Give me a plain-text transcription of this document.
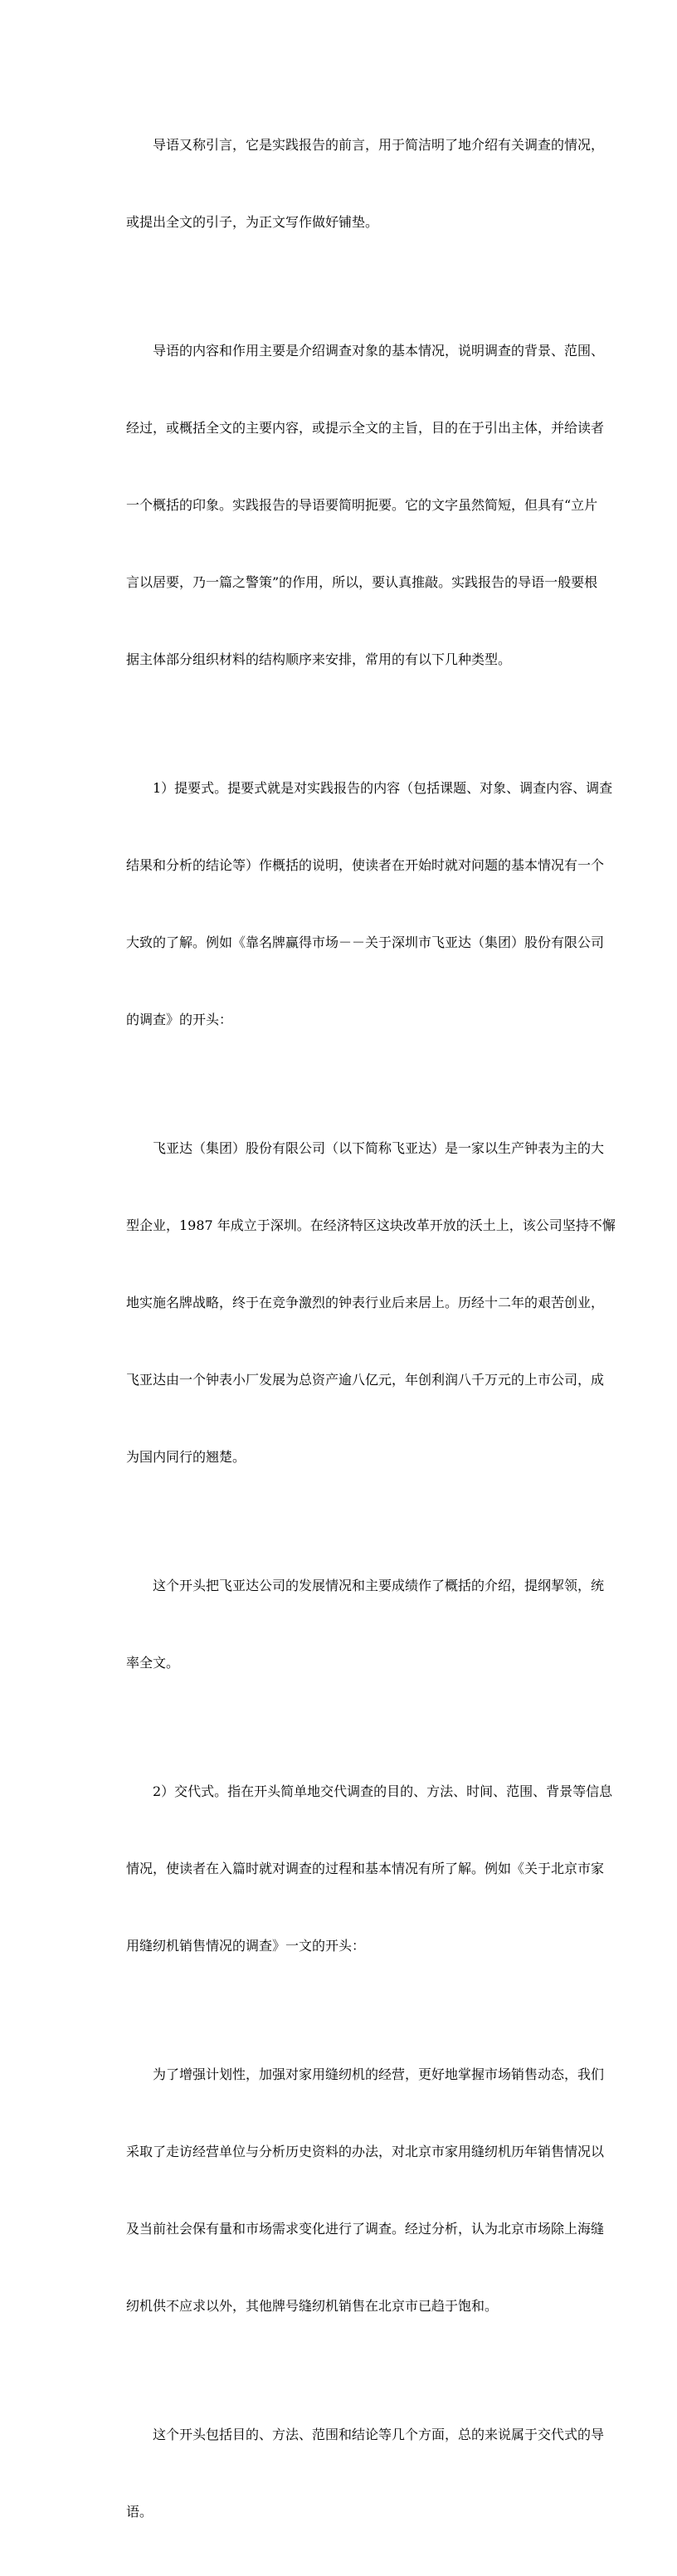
导语又称引言，它是实践报告的前言，用于简洁明了地介绍有关调查的情况，

或提出全文的引子，为正文写作做好铺垫。

导语的内容和作用主要是介绍调查对象的基本情况，说明调查的背景、范围、

经过，或概括全文的主要内容，或提示全文的主旨，目的在于引出主体，并给读者

一个概括的印象。实践报告的导语要简明扼要。它的文字虽然简短，但具有“立片

言以居要，乃一篇之警策”的作用，所以，要认真推敲。实践报告的导语一般要根

据主体部分组织材料的结构顺序来安排，常用的有以下几种类型。

1）提要式。提要式就是对实践报告的内容（包括课题、对象、调查内容、调查

结果和分析的结论等）作概括的说明，使读者在开始时就对问题的基本情况有一个

大致的了解。例如《靠名牌赢得市场－－关于深圳市飞亚达（集团）股份有限公司

的调查》的开头：

飞亚达（集团）股份有限公司（以下简称飞亚达）是一家以生产钟表为主的大

型企业，1987 年成立于深圳。在经济特区这块改革开放的沃土上，该公司坚持不懈

地实施名牌战略，终于在竞争激烈的钟表行业后来居上。历经十二年的艰苦创业，

飞亚达由一个钟表小厂发展为总资产逾八亿元，年创利润八千万元的上市公司，成

为国内同行的翘楚。

这个开头把飞亚达公司的发展情况和主要成绩作了概括的介绍，提纲挈领，统

率全文。

2）交代式。指在开头简单地交代调查的目的、方法、时间、范围、背景等信息

情况，使读者在入篇时就对调查的过程和基本情况有所了解。例如《关于北京市家

用缝纫机销售情况的调查》一文的开头：

为了增强计划性，加强对家用缝纫机的经营，更好地掌握市场销售动态，我们

采取了走访经营单位与分析历史资料的办法，对北京市家用缝纫机历年销售情况以

及当前社会保有量和市场需求变化进行了调查。经过分析，认为北京市场除上海缝

纫机供不应求以外，其他牌号缝纫机销售在北京市已趋于饱和。

这个开头包括目的、方法、范围和结论等几个方面，总的来说属于交代式的导

语。
